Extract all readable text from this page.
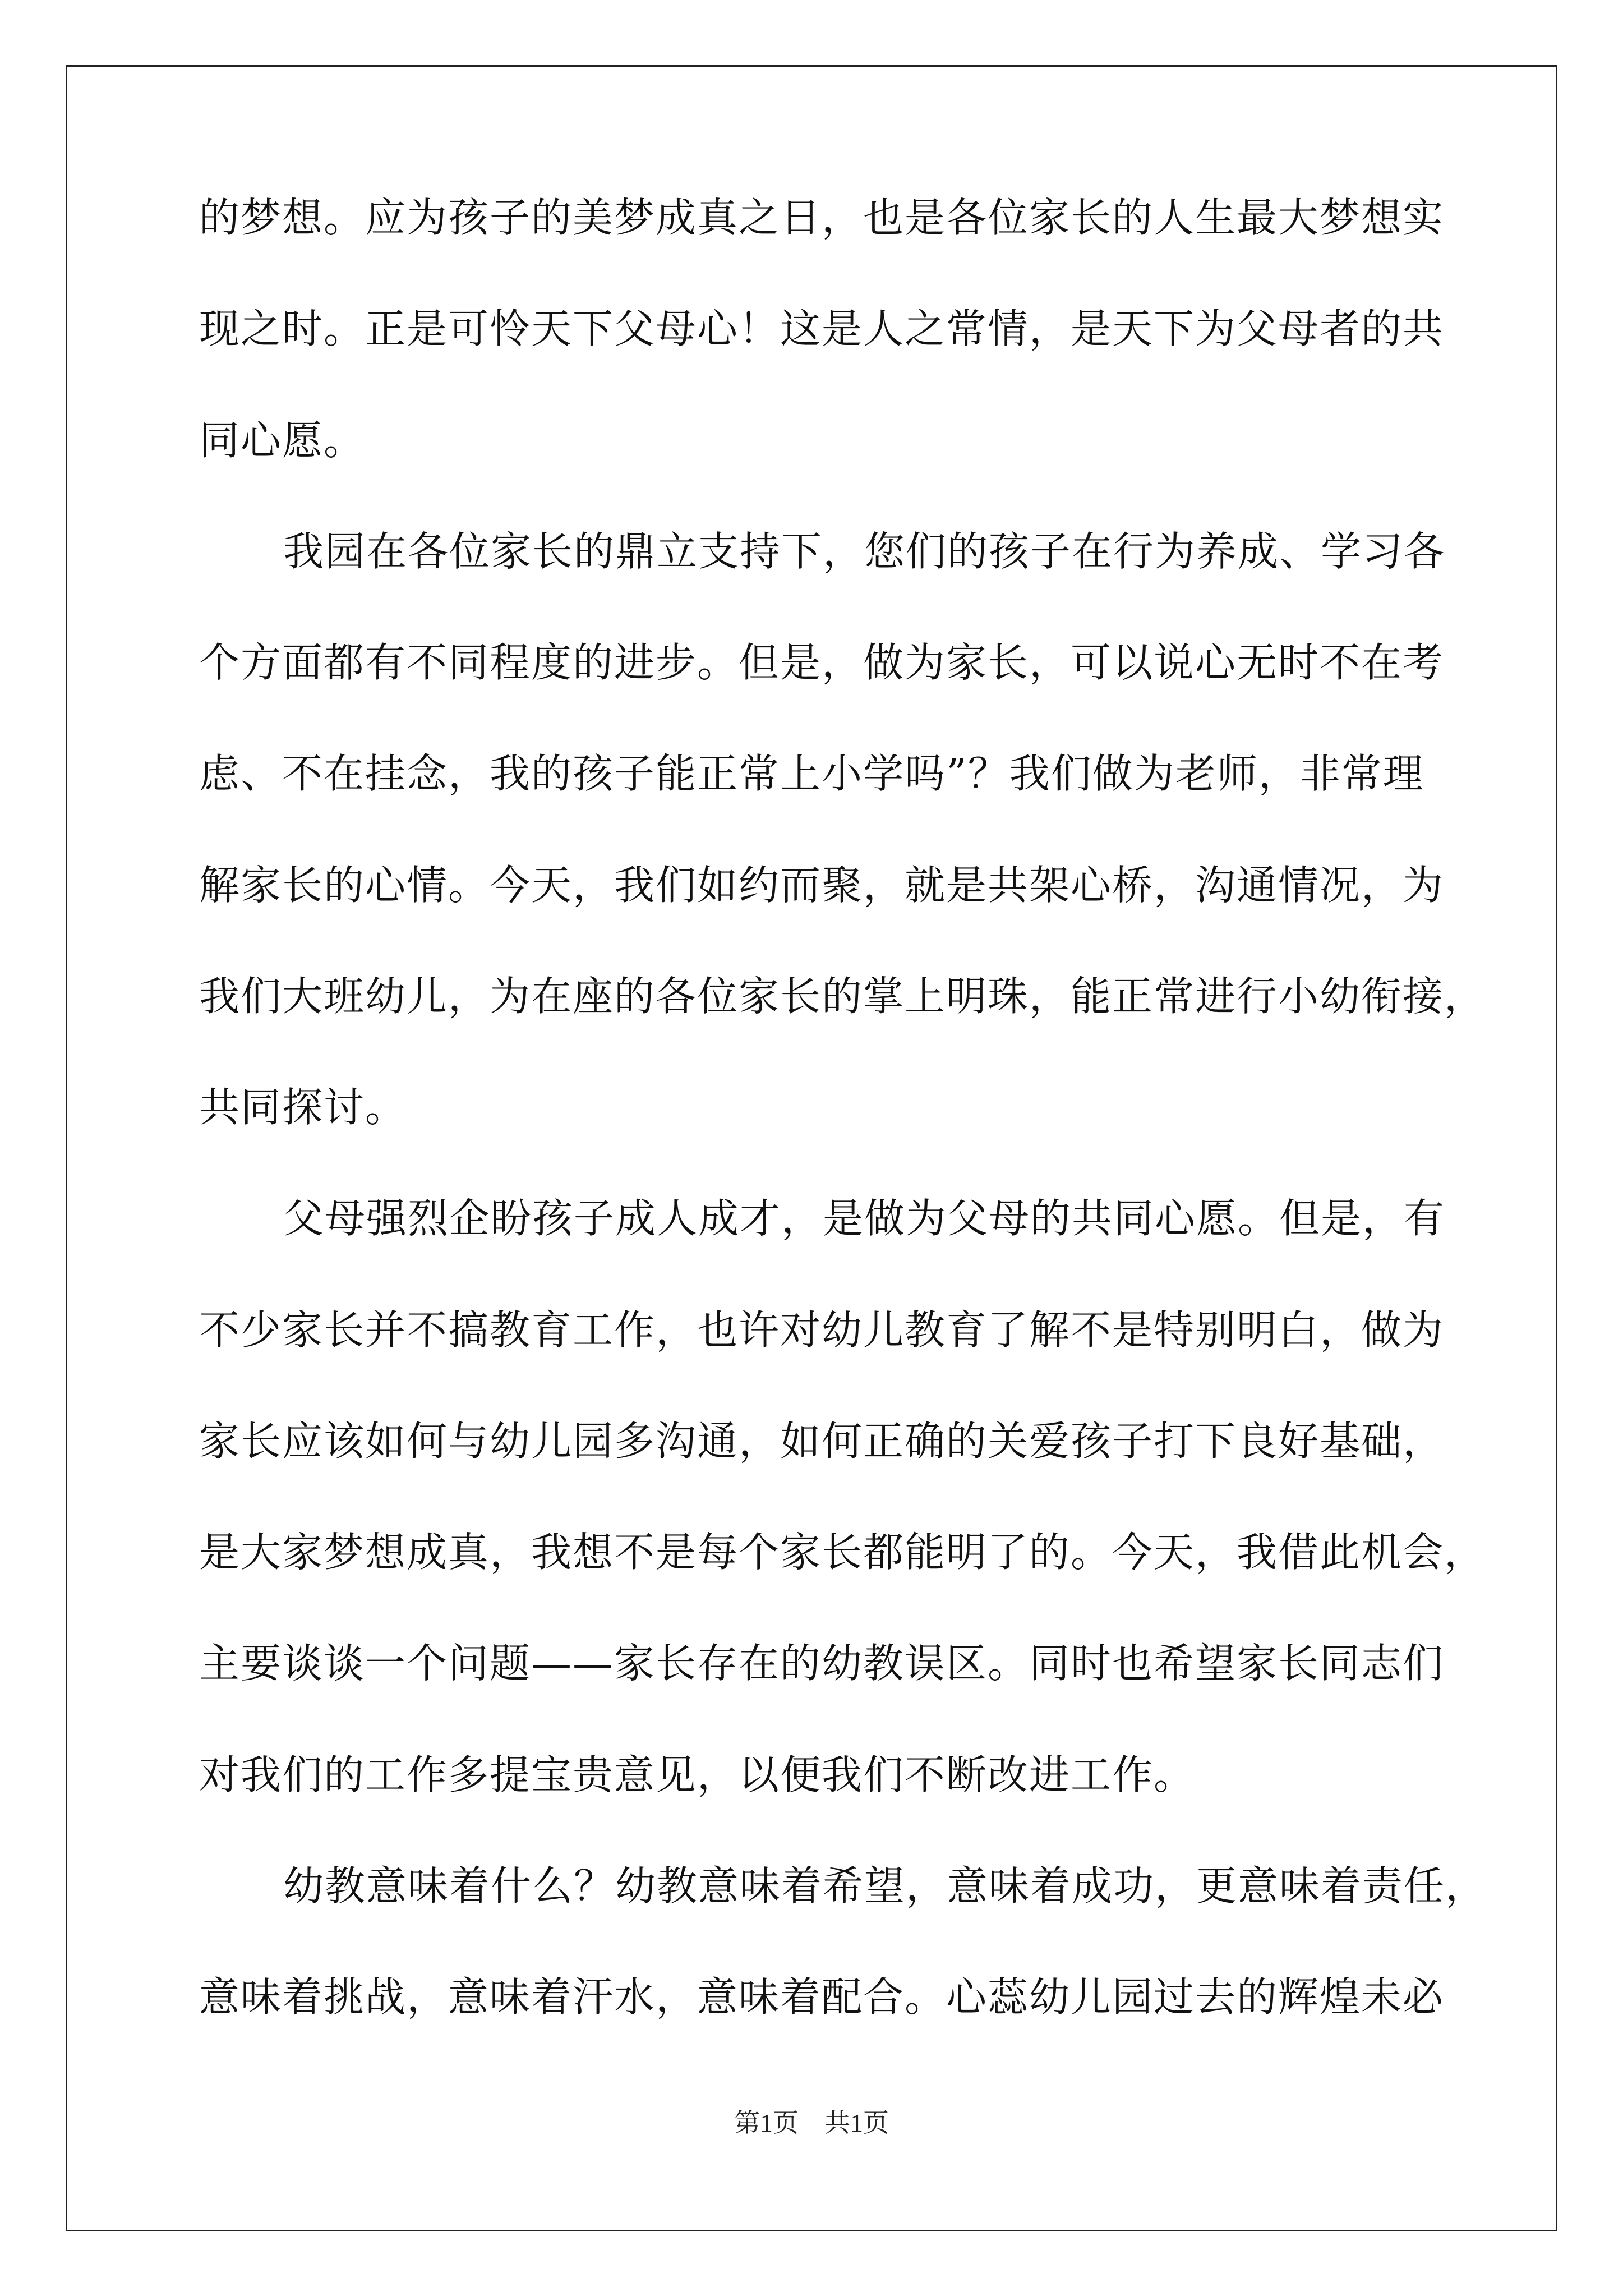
的梦想。应为孩子的美梦成真之日，也是各位家长的人生最大梦想实
现之时。正是可怜天下父母心！这是人之常情，是天下为父母者的共
同心愿。
我园在各位家长的鼎立支持下，您们的孩子在行为养成、学习各
个方面都有不同程度的进步。但是，做为家长，可以说心无时不在考
虑、不在挂念，我的孩子能正常上小学吗”？我们做为老师，非常理
解家长的心情。今天，我们如约而聚，就是共架心桥，沟通情况，为
我们大班幼儿，为在座的各位家长的掌上明珠，能正常进行小幼衔接，
共同探讨。
父母强烈企盼孩子成人成才，是做为父母的共同心愿。但是，有
不少家长并不搞教育工作，也许对幼儿教育了解不是特别明白，做为
家长应该如何与幼儿园多沟通，如何正确的关爱孩子打下良好基础，
是大家梦想成真，我想不是每个家长都能明了的。今天，我借此机会，
主要谈谈一个问题——家长存在的幼教误区。同时也希望家长同志们
对我们的工作多提宝贵意见，以便我们不断改进工作。
幼教意味着什么？幼教意味着希望，意味着成功，更意味着责任，
意味着挑战，意味着汗水，意味着配合。心蕊幼儿园过去的辉煌未必
第1页　共1页
